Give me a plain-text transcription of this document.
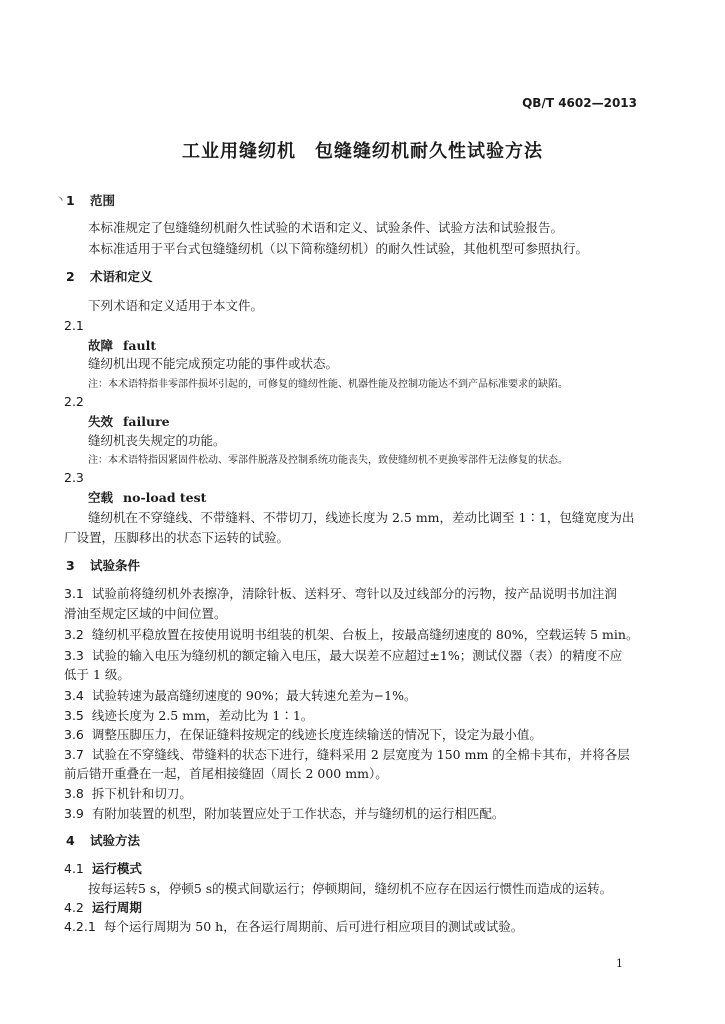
QB/T 4602—2013
工业用缝纫机　包缝缝纫机耐久性试验方法
丶 1 范围
本标准规定了包缝缝纫机耐久性试验的术语和定义、试验条件、试验方法和试验报告。
本标准适用于平台式包缝缝纫机（以下简称缝纫机）的耐久性试验，其他机型可参照执行。
2 术语和定义
下列术语和定义适用于本文件。
2.1
故障 fault
缝纫机出现不能完成预定功能的事件或状态。
注：本术语特指非零部件损坏引起的，可修复的缝纫性能、机器性能及控制功能达不到产品标准要求的缺陷。
2.2
失效 failure
缝纫机丧失规定的功能。
注：本术语特指因紧固件松动、零部件脱落及控制系统功能丧失，致使缝纫机不更换零部件无法修复的状态。
2.3
空载 no-load test
缝纫机在不穿缝线、不带缝料、不带切刀，线迹长度为 2.5 mm，差动比调至 1∶1，包缝宽度为出
厂设置，压脚移出的状态下运转的试验。
3 试验条件
3.1 试验前将缝纫机外表擦净，清除针板、送料牙、弯针以及过线部分的污物，按产品说明书加注润
滑油至规定区域的中间位置。
3.2 缝纫机平稳放置在按使用说明书组装的机架、台板上，按最高缝纫速度的 80%，空载运转 5 min。
3.3 试验的输入电压为缝纫机的额定输入电压，最大误差不应超过±1%；测试仪器（表）的精度不应
低于 1 级。
3.4 试验转速为最高缝纫速度的 90%；最大转速允差为−1%。
3.5 线迹长度为 2.5 mm，差动比为 1∶1。
3.6 调整压脚压力，在保证缝料按规定的线迹长度连续输送的情况下，设定为最小值。
3.7 试验在不穿缝线、带缝料的状态下进行，缝料采用 2 层宽度为 150 mm 的全棉卡其布，并将各层
前后错开重叠在一起，首尾相接缝固（周长 2 000 mm）。
3.8 拆下机针和切刀。
3.9 有附加装置的机型，附加装置应处于工作状态，并与缝纫机的运行相匹配。
4 试验方法
4.1 运行模式
按每运转5 s，停顿5 s的模式间歇运行；停顿期间，缝纫机不应存在因运行惯性而造成的运转。
4.2 运行周期
4.2.1 每个运行周期为 50 h，在各运行周期前、后可进行相应项目的测试或试验。
1
